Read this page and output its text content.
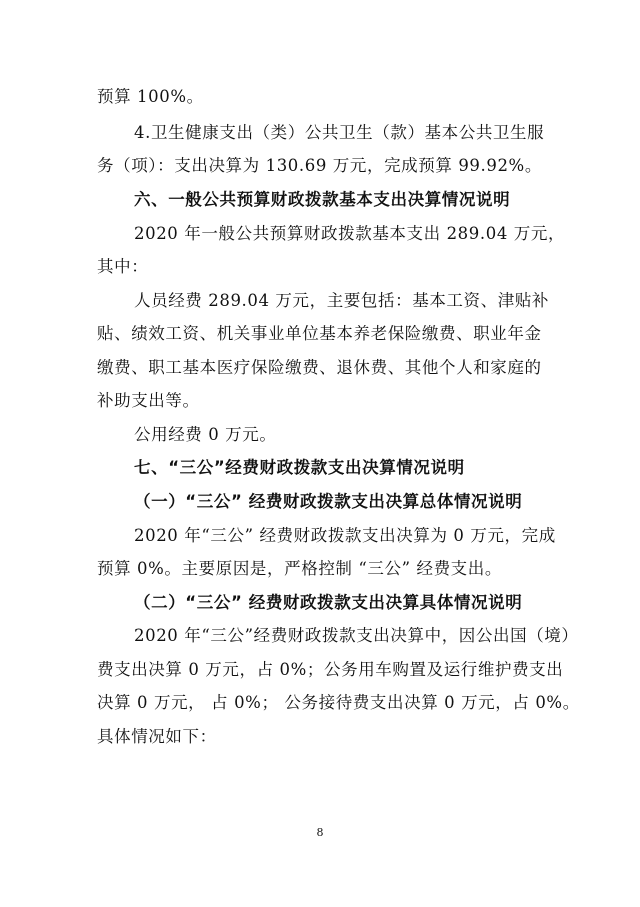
预算 100%。
4.卫生健康支出（类）公共卫生（款）基本公共卫生服
务（项）：支出决算为 130.69 万元，完成预算 99.92%。
六、一般公共预算财政拨款基本支出决算情况说明
2020 年一般公共预算财政拨款基本支出 289.04 万元，
其中：
人员经费 289.04 万元，主要包括：基本工资、津贴补
贴、绩效工资、机关事业单位基本养老保险缴费、职业年金
缴费、职工基本医疗保险缴费、退休费、其他个人和家庭的
补助支出等。
公用经费 0 万元。
七、“三公”经费财政拨款支出决算情况说明
（一）“三公” 经费财政拨款支出决算总体情况说明
2020 年“三公” 经费财政拨款支出决算为 0 万元，完成
预算 0%。主要原因是，严格控制 “三公” 经费支出。
（二）“三公” 经费财政拨款支出决算具体情况说明
2020 年“三公”经费财政拨款支出决算中，因公出国（境）
费支出决算 0 万元，占 0%；公务用车购置及运行维护费支出
决算 0 万元， 占 0%； 公务接待费支出决算 0 万元，占 0%。
具体情况如下：
8
